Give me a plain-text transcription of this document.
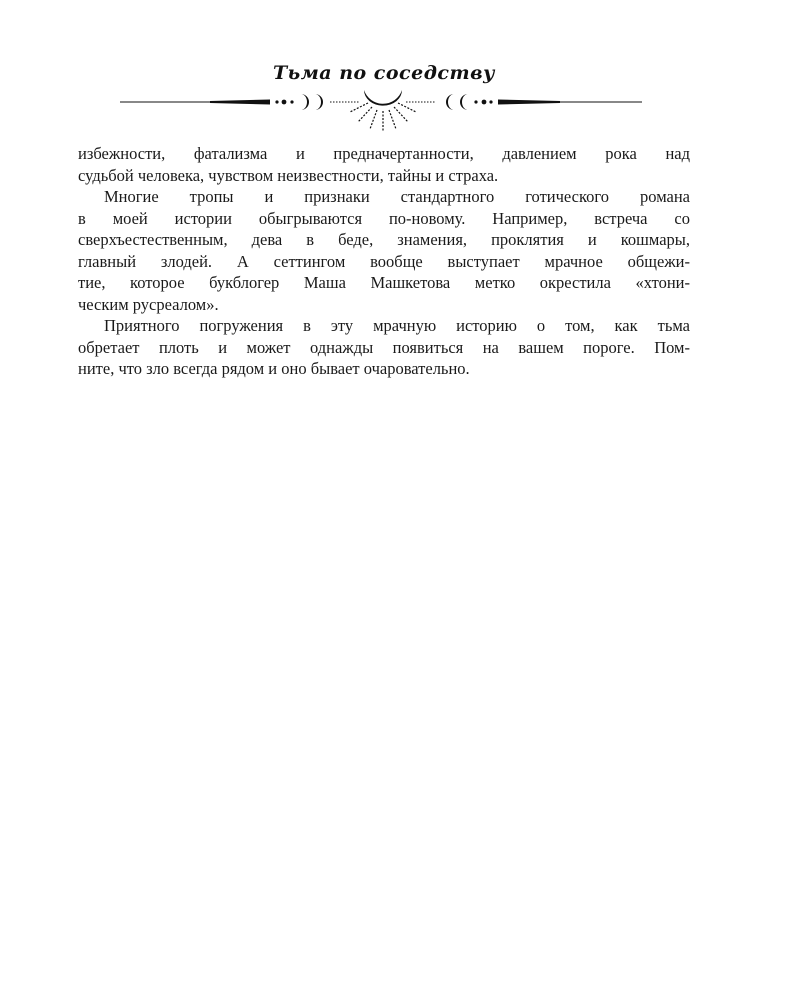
Тьма по соседству
избежности, фатализма и предначертанности, давлением рока над
судьбой человека, чувством неизвестности, тайны и страха.
Многие тропы и признаки стандартного готического романа
в моей истории обыгрываются по-новому. Например, встреча со
сверхъестественным, дева в беде, знамения, проклятия и кошмары,
главный злодей. А сеттингом вообще выступает мрачное общежи-
тие, которое букблогер Маша Машкетова метко окрестила «хтони-
ческим русреалом».
Приятного погружения в эту мрачную историю о том, как тьма
обретает плоть и может однажды появиться на вашем пороге. Пом-
ните, что зло всегда рядом и оно бывает очаровательно.
